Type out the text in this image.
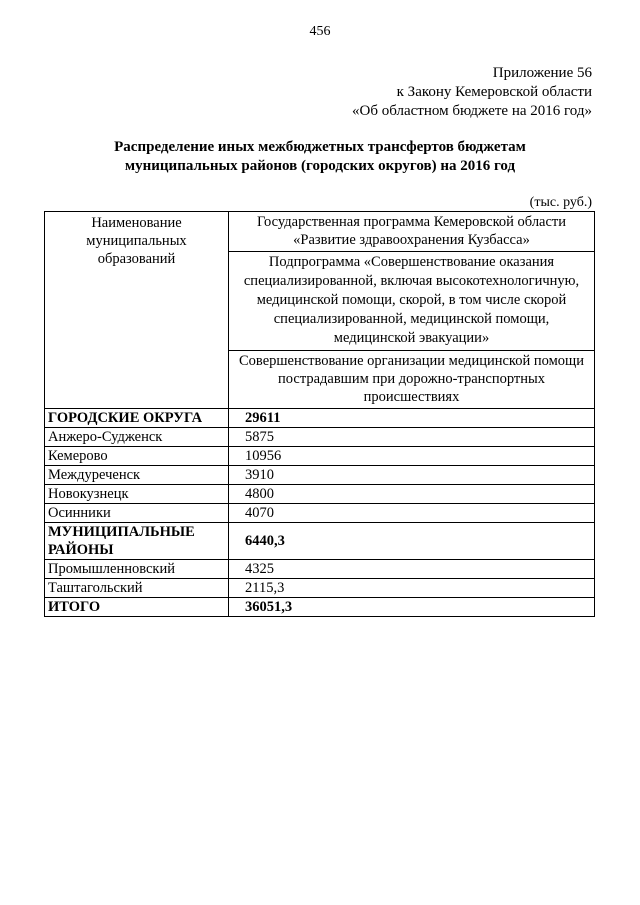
456
Приложение 56
к Закону Кемеровской области
«Об областном бюджете на 2016 год»
Распределение иных межбюджетных трансфертов бюджетам
муниципальных районов (городских округов) на 2016 год
(тыс. руб.)
Наименование муниципальных образований	Государственная программа Кемеровской области «Развитие здравоохранения Кузбасса»
	Подпрограмма «Совершенствование оказания специализированной, включая высокотехнологичную, медицинской помощи, скорой, в том числе скорой специализированной, медицинской помощи, медицинской эвакуации»
	Совершенствование организации медицинской помощи пострадавшим при дорожно-транспортных происшествиях
ГОРОДСКИЕ ОКРУГА	29611
Анжеро-Судженск	5875
Кемерово	10956
Междуреченск	3910
Новокузнецк	4800
Осинники	4070
МУНИЦИПАЛЬНЫЕ РАЙОНЫ	6440,3
Промышленновский	4325
Таштагольский	2115,3
ИТОГО	36051,3
